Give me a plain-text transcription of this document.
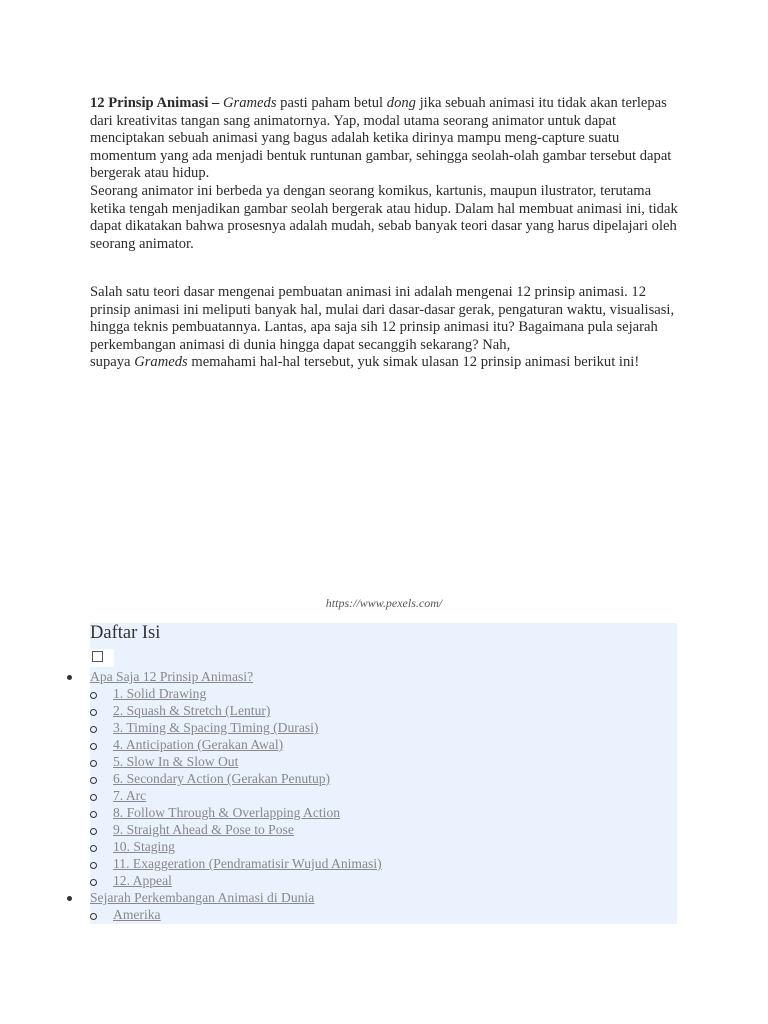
12 Prinsip Animasi – Grameds pasti paham betul dong jika sebuah animasi itu tidak akan terlepas dari kreativitas tangan sang animatornya. Yap, modal utama seorang animator untuk dapat menciptakan sebuah animasi yang bagus adalah ketika dirinya mampu meng-capture suatu momentum yang ada menjadi bentuk runtunan gambar, sehingga seolah-olah gambar tersebut dapat bergerak atau hidup.

Seorang animator ini berbeda ya dengan seorang komikus, kartunis, maupun ilustrator, terutama ketika tengah menjadikan gambar seolah bergerak atau hidup. Dalam hal membuat animasi ini, tidak dapat dikatakan bahwa prosesnya adalah mudah, sebab banyak teori dasar yang harus dipelajari oleh seorang animator.

Salah satu teori dasar mengenai pembuatan animasi ini adalah mengenai 12 prinsip animasi. 12 prinsip animasi ini meliputi banyak hal, mulai dari dasar-dasar gerak, pengaturan waktu, visualisasi, hingga teknis pembuatannya. Lantas, apa saja sih 12 prinsip animasi itu? Bagaimana pula sejarah perkembangan animasi di dunia hingga dapat secanggih sekarang? Nah,
supaya Grameds memahami hal-hal tersebut, yuk simak ulasan 12 prinsip animasi berikut ini!

https://www.pexels.com/
Daftar Isi
Apa Saja 12 Prinsip Animasi?
1. Solid Drawing
2. Squash & Stretch (Lentur)
3. Timing & Spacing Timing (Durasi)
4. Anticipation (Gerakan Awal)
5. Slow In & Slow Out
6. Secondary Action (Gerakan Penutup)
7. Arc
8. Follow Through & Overlapping Action
9. Straight Ahead & Pose to Pose
10. Staging
11. Exaggeration (Pendramatisir Wujud Animasi)
12. Appeal
Sejarah Perkembangan Animasi di Dunia
Amerika
